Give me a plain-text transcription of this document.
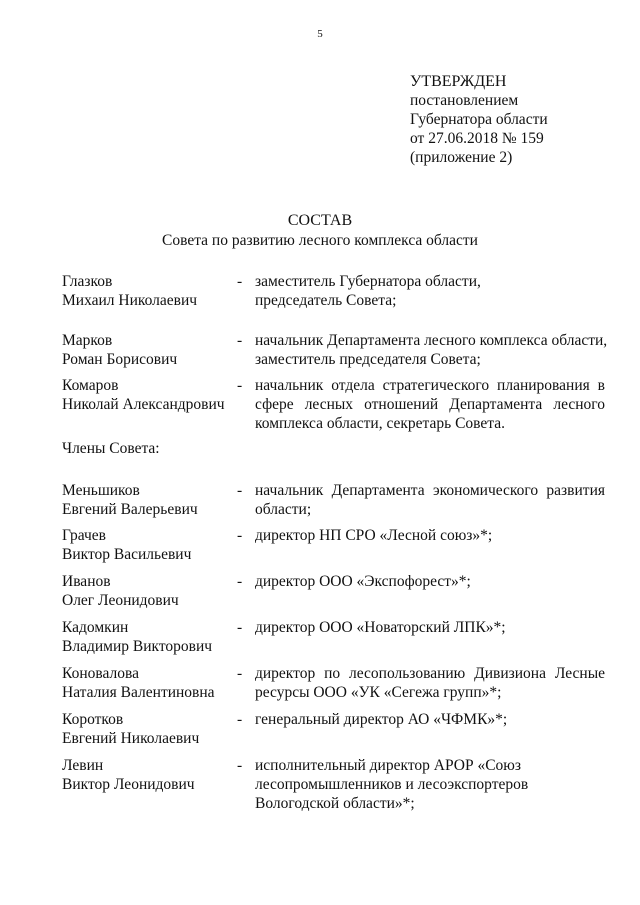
5
УТВЕРЖДЕН
постановлением
Губернатора области
от 27.06.2018 № 159
(приложение 2)
СОСТАВ
Совета по развитию лесного комплекса области
Глазков
Михаил Николаевич
- заместитель Губернатора области,
председатель Совета;
Марков
Роман Борисович
- начальник Департамента лесного комплекса области,
заместитель председателя Совета;
Комаров
Николай Александрович
- начальник отдела стратегического планирования в
сфере лесных отношений Департамента лесного
комплекса области, секретарь Совета.
Члены Совета:
Меньшиков
Евгений Валерьевич
- начальник Департамента экономического развития
области;
Грачев
Виктор Васильевич
- директор НП СРО «Лесной союз»*;
Иванов
Олег Леонидович
- директор ООО «Экспофорест»*;
Кадомкин
Владимир Викторович
- директор ООО «Новаторский ЛПК»*;
Коновалова
Наталия Валентиновна
- директор по лесопользованию Дивизиона Лесные
ресурсы ООО «УК «Сегежа групп»*;
Коротков
Евгений Николаевич
- генеральный директор АО «ЧФМК»*;
Левин
Виктор Леонидович
- исполнительный директор АРОР «Союз
лесопромышленников и лесоэкспортеров
Вологодской области»*;
